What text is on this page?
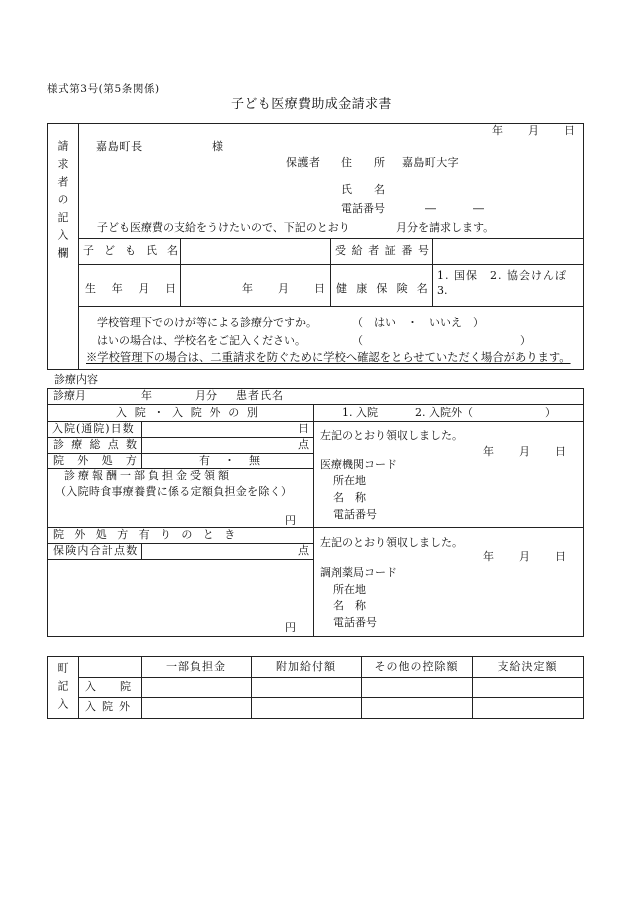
様式第3号(第5条関係)
子ども医療費助成金請求書
請求者の記入欄
年　　月　　日
嘉島町長	様
保護者 住　　所 嘉島町大字
氏　　名
電話番号	―　　　―
子ども医療費の支給をうけたいので、下記のとおり	月分を請求します。
子ども氏名	受給者証番号
生年月日	年　　月　　日 健康保険名
1. 国保　2. 協会けんぽ
3.
学校管理下でのけが等による診療分ですか。	（　はい　・　いいえ　）
はいの場合は、学校名をご記入ください。	（	）
※学校管理下の場合は、二重請求を防ぐために学校へ確認をとらせていただく場合があります。
診療内容
診療月	年	月分 患者氏名
入院・入院外の別	1. 入院	2. 入院外（	）
入院(通院)日数	日
診療総点数	点
院外処方	有　・　無
診療報酬一部負担金受領額
（入院時食事療養費に係る定額負担金を除く）
円
院外処方有りのとき
保険内合計点数	点
円
左記のとおり領収しました。
年　　月　　日
医療機関コード
所在地
名　称
電話番号
左記のとおり領収しました。
年　　月　　日
調剤薬局コード
所在地
名　称
電話番号
町記入	一部負担金	附加給付額	その他の控除額	支給決定額
入院
入院外
